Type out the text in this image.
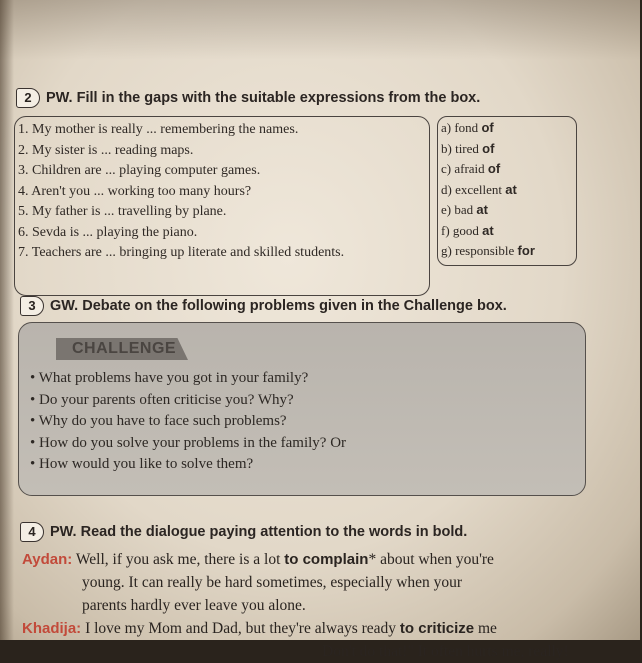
2 PW. Fill in the gaps with the suitable expressions from the box.
1. My mother is really ... remembering the names.
2. My sister is ... reading maps.
3. Children are ... playing computer games.
4. Aren't you ... working too many hours?
5. My father is ... travelling by plane.
6. Sevda is ... playing the piano.
7. Teachers are ... bringing up literate and skilled students.
a) fond of
b) tired of
c) afraid of
d) excellent at
e) bad at
f) good at
g) responsible for
3 GW. Debate on the following problems given in the Challenge box.
CHALLENGE
• What problems have you got in your family?
• Do your parents often criticise you? Why?
• Why do you have to face such problems?
• How do you solve your problems in the family? Or
• How would you like to solve them?
4 PW. Read the dialogue paying attention to the words in bold.
Aydan: Well, if you ask me, there is a lot to complain* about when you're
young. It can really be hard sometimes, especially when your
parents hardly ever leave you alone.
Khadija: I love my Mom and Dad, but they're always ready to criticize me
Don't do that!" It often hurts me, really!
